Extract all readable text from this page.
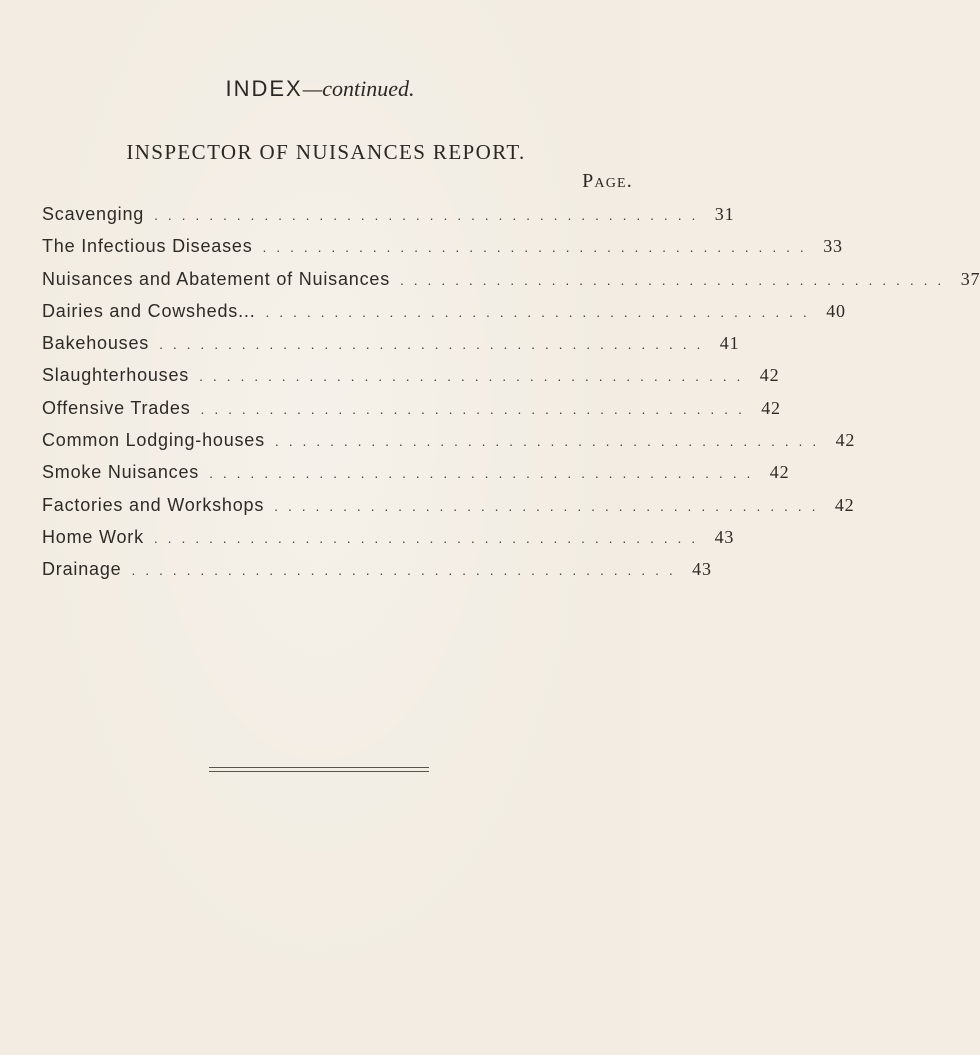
INDEX—continued.
INSPECTOR OF NUISANCES REPORT.
Page.
Scavenging . . . . . . . . . . . . . . . . . . . . . . . . . . . . . . . . . . . . . . . . 31
The Infectious Diseases . . . . . . . . . . . . . . . . . . . . . . . . . . . . . . . . . . . . . . . . 33
Nuisances and Abatement of Nuisances . . . . . . . . . . . . . . . . . . . . . . . . . . . . . . . . . . . . . . . . 37
Dairies and Cowsheds... . . . . . . . . . . . . . . . . . . . . . . . . . . . . . . . . . . . . . . . . 40
Bakehouses . . . . . . . . . . . . . . . . . . . . . . . . . . . . . . . . . . . . . . . . 41
Slaughterhouses . . . . . . . . . . . . . . . . . . . . . . . . . . . . . . . . . . . . . . . . 42
Offensive Trades . . . . . . . . . . . . . . . . . . . . . . . . . . . . . . . . . . . . . . . . 42
Common Lodging-houses . . . . . . . . . . . . . . . . . . . . . . . . . . . . . . . . . . . . . . . . 42
Smoke Nuisances . . . . . . . . . . . . . . . . . . . . . . . . . . . . . . . . . . . . . . . . 42
Factories and Workshops . . . . . . . . . . . . . . . . . . . . . . . . . . . . . . . . . . . . . . . . 42
Home Work . . . . . . . . . . . . . . . . . . . . . . . . . . . . . . . . . . . . . . . . 43
Drainage . . . . . . . . . . . . . . . . . . . . . . . . . . . . . . . . . . . . . . . . 43
